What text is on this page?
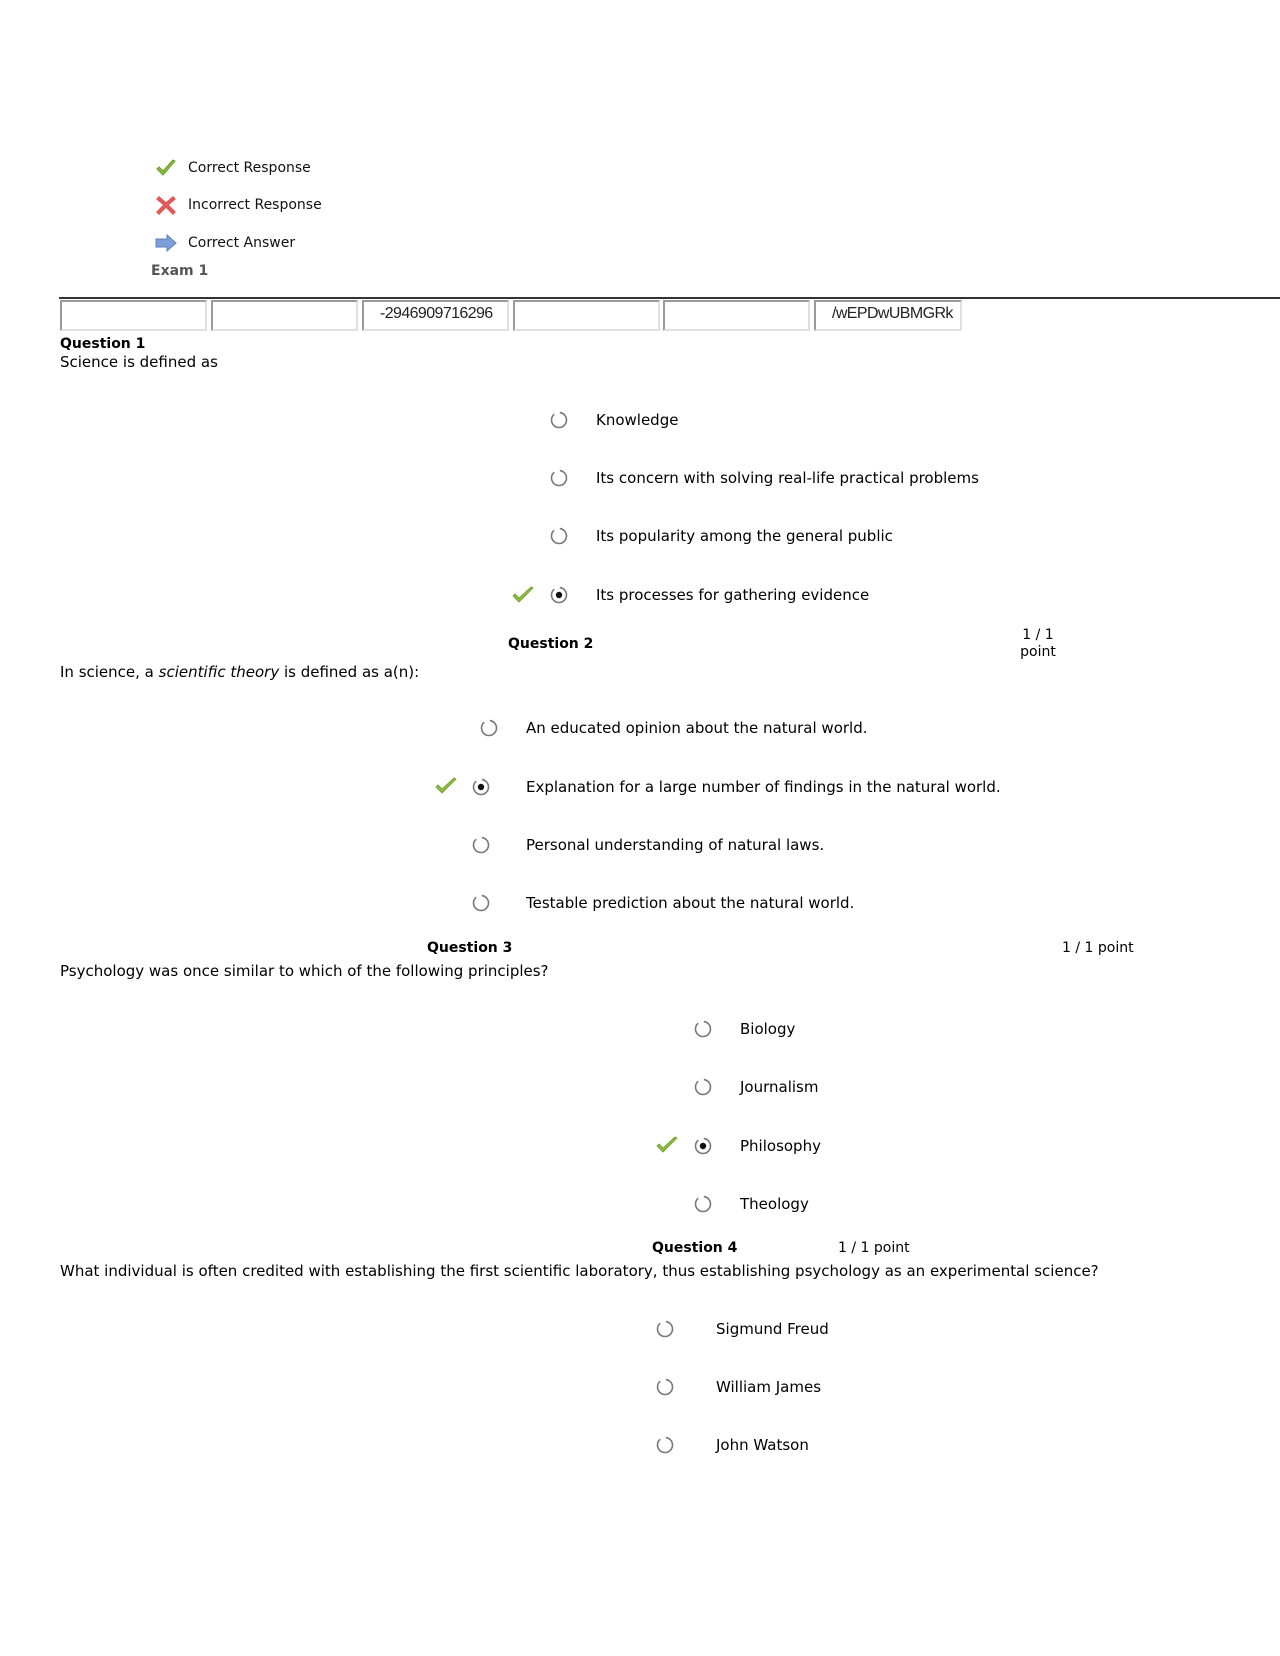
Correct Response
Incorrect Response
Correct Answer
Exam 1
-2946909716296	/wEPDwUBMGRk
Question 1
Science is defined as
Knowledge
Its concern with solving real-life practical problems
Its popularity among the general public
Its processes for gathering evidence
Question 2
1 / 1
point
In science, a scientific theory is defined as a(n):
An educated opinion about the natural world.
Explanation for a large number of findings in the natural world.
Personal understanding of natural laws.
Testable prediction about the natural world.
Question 3	1 / 1 point
Psychology was once similar to which of the following principles?
Biology
Journalism
Philosophy
Theology
Question 4	1 / 1 point
What individual is often credited with establishing the first scientific laboratory, thus establishing psychology as an experimental science?
Sigmund Freud
William James
John Watson
